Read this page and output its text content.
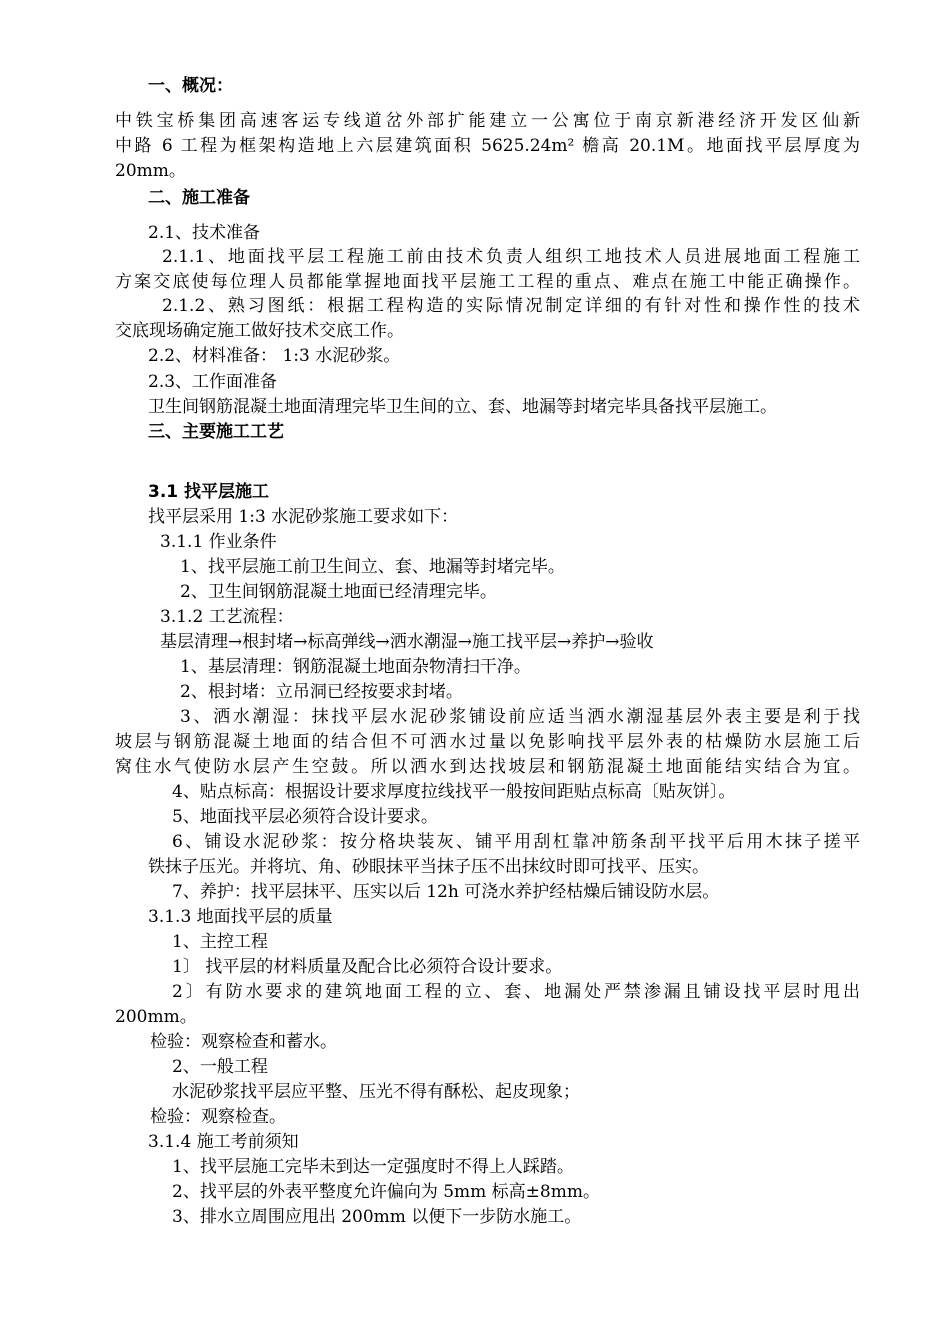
一、概况：
中铁宝桥集团高速客运专线道岔外部扩能建立一公寓位于南京新港经济开发区仙新
中路 6 工程为框架构造地上六层建筑面积 5625.24m² 檐高 20.1M。地面找平层厚度为
20mm。
二、施工准备
2.1、技术准备
2.1.1、地面找平层工程施工前由技术负责人组织工地技术人员进展地面工程施工
方案交底使每位理人员都能掌握地面找平层施工工程的重点、难点在施工中能正确操作。
2.1.2、熟习图纸：根据工程构造的实际情况制定详细的有针对性和操作性的技术
交底现场确定施工做好技术交底工作。
2.2、材料准备： 1:3 水泥砂浆。
2.3、工作面准备
卫生间钢筋混凝土地面清理完毕卫生间的立、套、地漏等封堵完毕具备找平层施工。
三、主要施工工艺
3.1 找平层施工
找平层采用 1:3 水泥砂浆施工要求如下：
3.1.1 作业条件
1、找平层施工前卫生间立、套、地漏等封堵完毕。
2、卫生间钢筋混凝土地面已经清理完毕。
3.1.2 工艺流程：
基层清理→根封堵→标高弹线→洒水潮湿→施工找平层→养护→验收
1、基层清理：钢筋混凝土地面杂物清扫干净。
2、根封堵：立吊洞已经按要求封堵。
3、洒水潮湿：抹找平层水泥砂浆铺设前应适当洒水潮湿基层外表主要是利于找
坡层与钢筋混凝土地面的结合但不可洒水过量以免影响找平层外表的枯燥防水层施工后
窝住水气使防水层产生空鼓。所以洒水到达找坡层和钢筋混凝土地面能结实结合为宜。
4、贴点标高：根据设计要求厚度拉线找平一般按间距贴点标高〔贴灰饼〕。
5、地面找平层必须符合设计要求。
6、铺设水泥砂浆：按分格块装灰、铺平用刮杠靠冲筋条刮平找平后用木抹子搓平
铁抹子压光。并将坑、角、砂眼抹平当抹子压不出抹纹时即可找平、压实。
7、养护：找平层抹平、压实以后 12h 可浇水养护经枯燥后铺设防水层。
3.1.3 地面找平层的质量
1、主控工程
1〕 找平层的材料质量及配合比必须符合设计要求。
2〕有防水要求的建筑地面工程的立、套、地漏处严禁渗漏且铺设找平层时甩出
200mm。
检验：观察检查和蓄水。
2、一般工程
水泥砂浆找平层应平整、压光不得有酥松、起皮现象；
检验：观察检查。
3.1.4 施工考前须知
1、找平层施工完毕未到达一定强度时不得上人踩踏。
2、找平层的外表平整度允许偏向为 5mm 标高±8mm。
3、排水立周围应甩出 200mm 以便下一步防水施工。
